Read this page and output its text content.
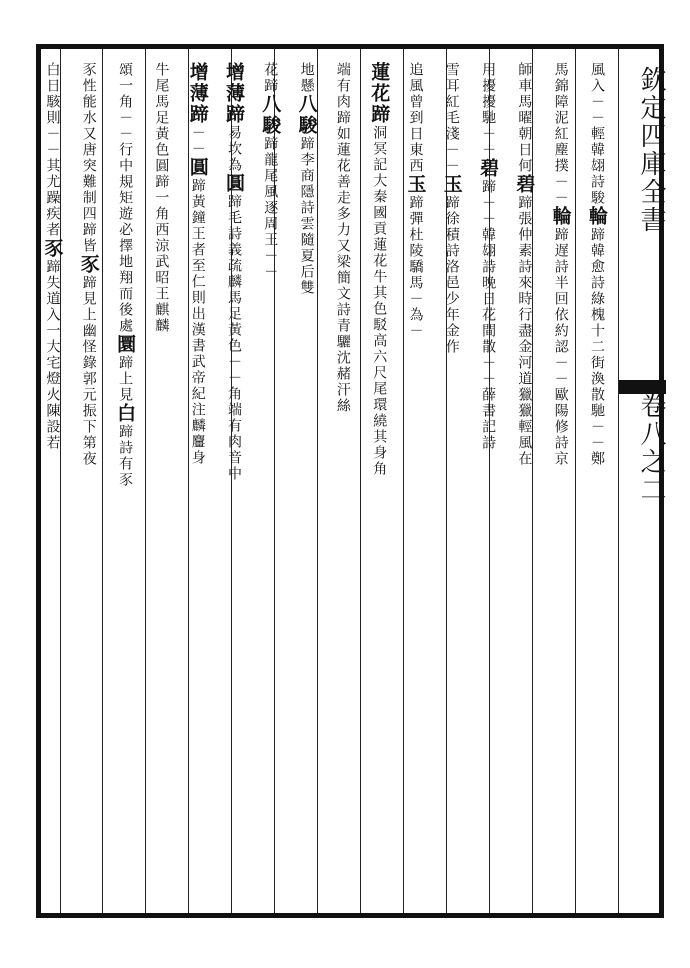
欽定四庫全書
卷八之二
風入－－輕韓翃詩駿輪蹄韓愈詩綠槐十二街渙散馳－－鄭
馬錦障泥紅塵撲－－輪蹄遅詩半回依約認－－歐陽修詩京
師車馬曜朝日何碧蹄張仲素詩來時行盡金河道獵獵輕風在
用擾擾馳－－碧蹄－－韓翃詩晚日花間散－－薛書記詩
雪耳紅毛淺－－玉蹄徐積詩洛邑少年金作
追風曾到日東西玉蹄彈杜陵驕馬－為－
蓮花蹄洞冥記大秦國貢蓮花牛其色駁高六尺尾環繞其身角
端有肉蹄如蓮花善走多力又梁簡文詩青驪沈赭汗絲
地懸八駿蹄李商隱詩雲隨夏后雙
花蹄八駿蹄龍尾風逐周王－－
增薄蹄易坎為圓蹄毛詩義疏麟馬足黃色－－角端有肉音中
增薄蹄－－圓蹄黃鐘王者至仁則出漢書武帝紀注麟麠身
牛尾馬足黃色圓蹄一角西涼武昭王麒麟
頌一角－－行中規矩遊必擇地翔而後處圜蹄上見白蹄詩有豕
豕性能水又唐突難制四蹄皆豕蹄見上幽怪錄郭元振下第夜
白日駭則－－其尤躁疾者豕蹄失道入一大宅燈火陳設若
